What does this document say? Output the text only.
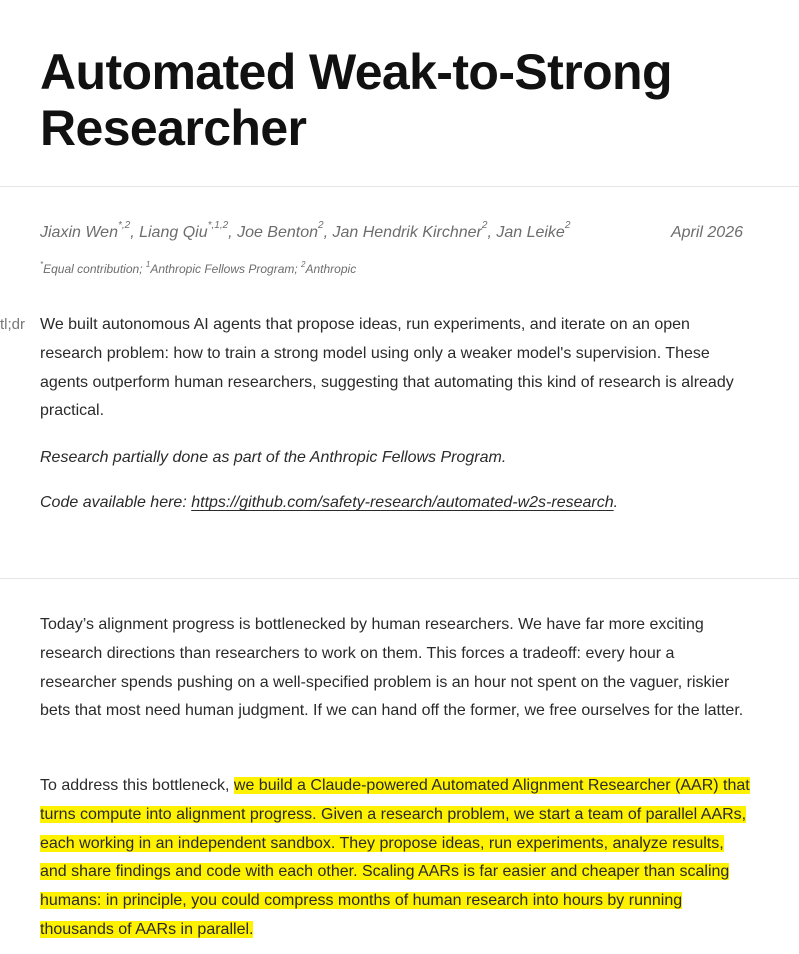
Automated Weak-to-Strong Researcher
Jiaxin Wen$^{*,2}$, Liang Qiu$^{*,1,2}$, Joe Benton$^2$, Jan Hendrik Kirchner$^2$, Jan Leike$^2$	April 2026
*Equal contribution; $^1$Anthropic Fellows Program; $^2$Anthropic
tl;dr We built autonomous AI agents that propose ideas, run experiments, and iterate on an open research problem: how to train a strong model using only a weaker model's supervision. These agents outperform human researchers, suggesting that automating this kind of research is already practical.

Research partially done as part of the Anthropic Fellows Program.

Code available here: https://github.com/safety-research/automated-w2s-research.

Today’s alignment progress is bottlenecked by human researchers. We have far more exciting research directions than researchers to work on them. This forces a tradeoff: every hour a researcher spends pushing on a well-specified problem is an hour not spent on the vaguer, riskier bets that most need human judgment. If we can hand off the former, we free ourselves for the latter.

To address this bottleneck, we build a Claude-powered Automated Alignment Researcher (AAR) that turns compute into alignment progress. Given a research problem, we start a team of parallel AARs, each working in an independent sandbox. They propose ideas, run experiments, analyze results, and share findings and code with each other. Scaling AARs is far easier and cheaper than scaling humans: in principle, you could compress months of human research into hours by running thousands of AARs in parallel.
